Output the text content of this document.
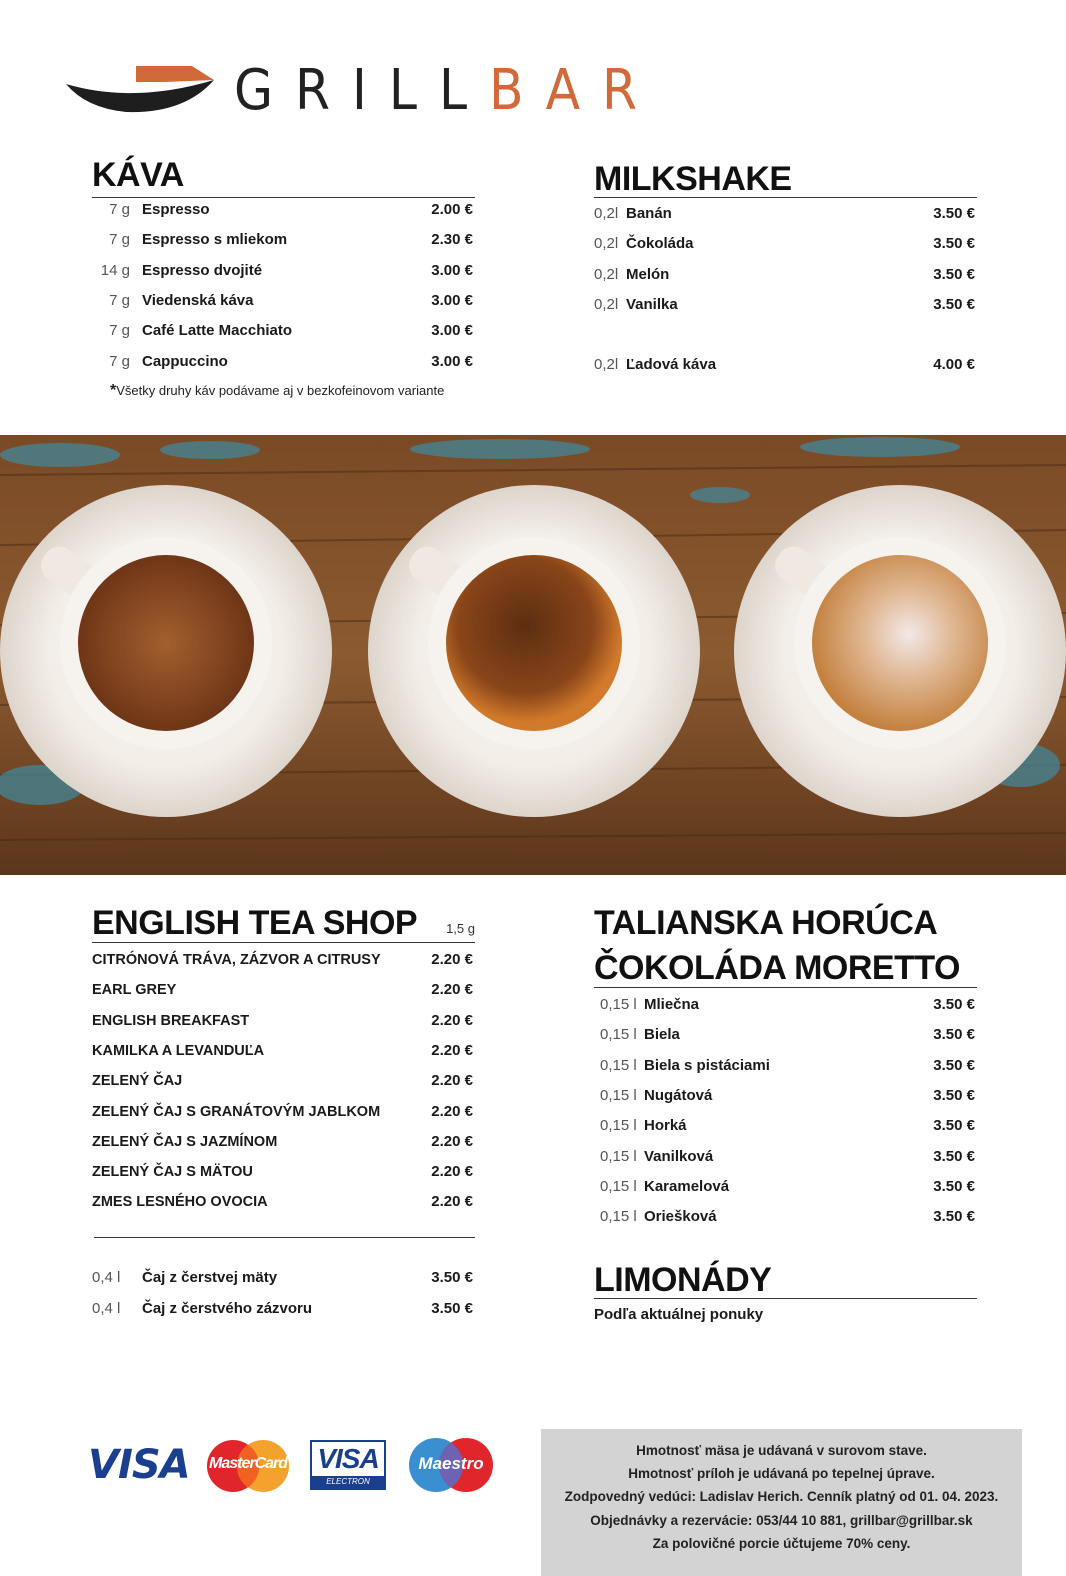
GRILLBAR
KÁVA
7 g Espresso	2.00 €
7 g Espresso s mliekom	2.30 €
14 g Espresso dvojité	3.00 €
7 g Viedenská káva	3.00 €
7 g Café Latte Macchiato	3.00 €
7 g Cappuccino	3.00 €
*Všetky druhy káv podávame aj v bezkofeinovom variante
MILKSHAKE
0,2l Banán	3.50 €
0,2l Čokoláda	3.50 €
0,2l Melón	3.50 €
0,2l Vanilka	3.50 €
0,2l Ľadová káva	4.00 €
ENGLISH TEA SHOP	1,5 g
CITRÓNOVÁ TRÁVA, ZÁZVOR A CITRUSY	2.20 €
EARL GREY	2.20 €
ENGLISH BREAKFAST	2.20 €
KAMILKA A LEVANDUĽA	2.20 €
ZELENÝ ČAJ	2.20 €
ZELENÝ ČAJ S GRANÁTOVÝM JABLKOM	2.20 €
ZELENÝ ČAJ S JAZMÍNOM	2.20 €
ZELENÝ ČAJ S MÄTOU	2.20 €
ZMES LESNÉHO OVOCIA	2.20 €
0,4 l	Čaj z čerstvej mäty	3.50 €
0,4 l	Čaj z čerstvého zázvoru	3.50 €
TALIANSKA HORÚCA
ČOKOLÁDA MORETTO
0,15 l Mliečna	3.50 €
0,15 l Biela	3.50 €
0,15 l Biela s pistáciami	3.50 €
0,15 l Nugátová	3.50 €
0,15 l Horká	3.50 €
0,15 l Vanilková	3.50 €
0,15 l Karamelová	3.50 €
0,15 l Oriešková	3.50 €
LIMONÁDY
Podľa aktuálnej ponuky
VISA MasterCard VISA
ELECTRON
Maestro
Hmotnosť mäsa je udávaná v surovom stave.
Hmotnosť príloh je udávaná po tepelnej úprave.
Zodpovedný vedúci: Ladislav Herich. Cenník platný od 01. 04. 2023.
Objednávky a rezervácie: 053/44 10 881, grillbar@grillbar.sk
Za polovičné porcie účtujeme 70% ceny.
